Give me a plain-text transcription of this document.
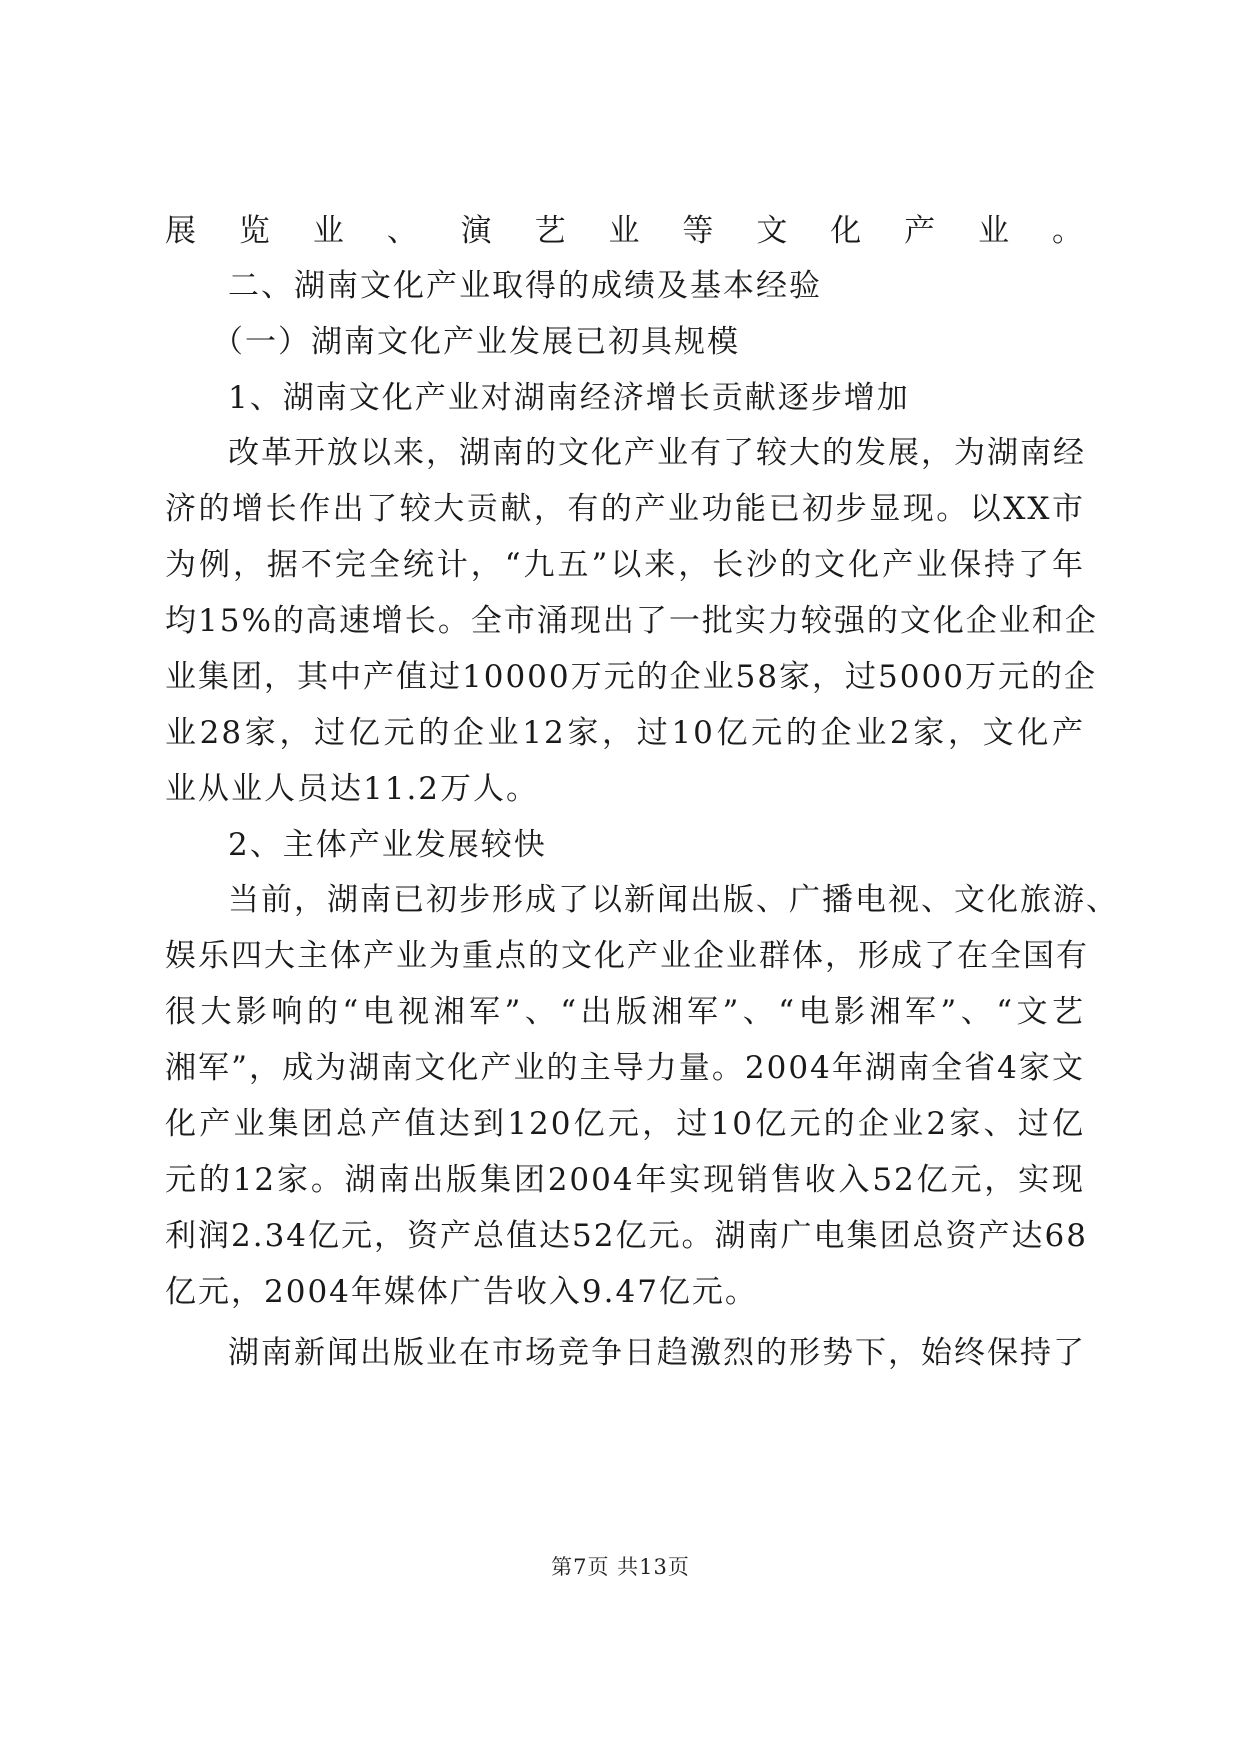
展览业、演艺业等文化产业。
二、湖南文化产业取得的成绩及基本经验
（一）湖南文化产业发展已初具规模
1、湖南文化产业对湖南经济增长贡献逐步增加
改革开放以来，湖南的文化产业有了较大的发展，为湖南经
济的增长作出了较大贡献，有的产业功能已初步显现。以XX市
为例，据不完全统计，“九五”以来，长沙的文化产业保持了年
均15%的高速增长。全市涌现出了一批实力较强的文化企业和企
业集团，其中产值过10000万元的企业58家，过5000万元的企
业28家，过亿元的企业12家，过10亿元的企业2家，文化产
业从业人员达11.2万人。
2、主体产业发展较快
当前，湖南已初步形成了以新闻出版、广播电视、文化旅游、
娱乐四大主体产业为重点的文化产业企业群体，形成了在全国有
很大影响的“电视湘军”、“出版湘军”、“电影湘军”、“文艺
湘军”，成为湖南文化产业的主导力量。2004年湖南全省4家文
化产业集团总产值达到120亿元，过10亿元的企业2家、过亿
元的12家。湖南出版集团2004年实现销售收入52亿元，实现
利润2.34亿元，资产总值达52亿元。湖南广电集团总资产达68
亿元，2004年媒体广告收入9.47亿元。
湖南新闻出版业在市场竞争日趋激烈的形势下，始终保持了
第7页 共13页
